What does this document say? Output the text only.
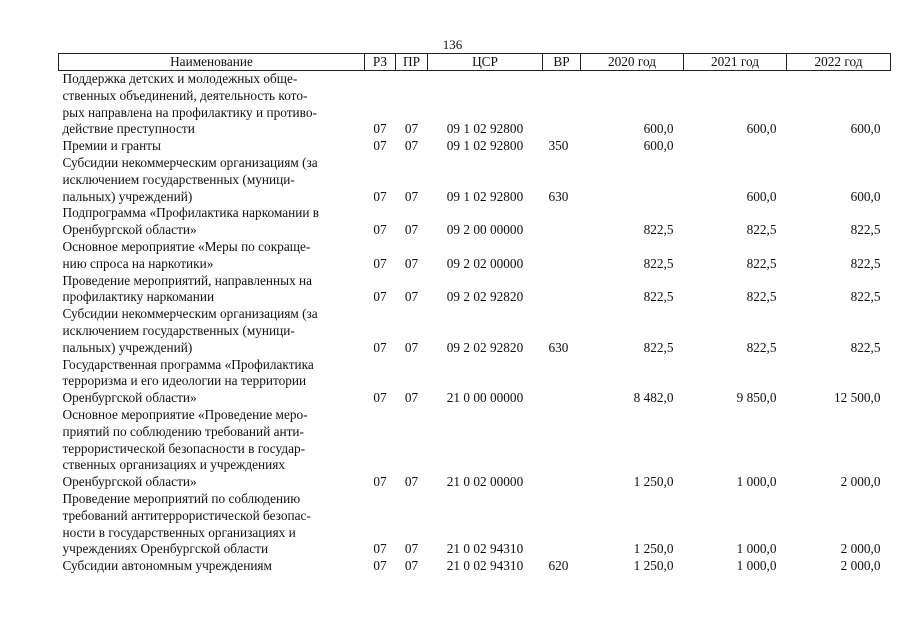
136
Наименование	РЗ	ПР	ЦСР	ВР	2020 год	2021 год	2022 год
Поддержка детских и молодежных обще-
ственных объединений, деятельность кото-
рых направлена на профилактику и противо-
действие преступности	07	07	09 1 02 92800		600,0	600,0	600,0
Премии и гранты	07	07	09 1 02 92800	350	600,0		
Субсидии некоммерческим организациям (за
исключением государственных (муници-
пальных) учреждений)	07	07	09 1 02 92800	630		600,0	600,0
Подпрограмма «Профилактика наркомании в
Оренбургской области»	07	07	09 2 00 00000		822,5	822,5	822,5
Основное мероприятие «Меры по сокраще-
нию спроса на наркотики»	07	07	09 2 02 00000		822,5	822,5	822,5
Проведение мероприятий, направленных на
профилактику наркомании	07	07	09 2 02 92820		822,5	822,5	822,5
Субсидии некоммерческим организациям (за
исключением государственных (муници-
пальных) учреждений)	07	07	09 2 02 92820	630	822,5	822,5	822,5
Государственная программа «Профилактика
терроризма и его идеологии на территории
Оренбургской области»	07	07	21 0 00 00000		8 482,0	9 850,0	12 500,0
Основное мероприятие «Проведение меро-
приятий по соблюдению требований анти-
террористической безопасности в государ-
ственных организациях и учреждениях
Оренбургской области»	07	07	21 0 02 00000		1 250,0	1 000,0	2 000,0
Проведение мероприятий по соблюдению
требований антитеррористической безопас-
ности в государственных организациях и
учреждениях Оренбургской области	07	07	21 0 02 94310		1 250,0	1 000,0	2 000,0
Субсидии автономным учреждениям	07	07	21 0 02 94310	620	1 250,0	1 000,0	2 000,0
